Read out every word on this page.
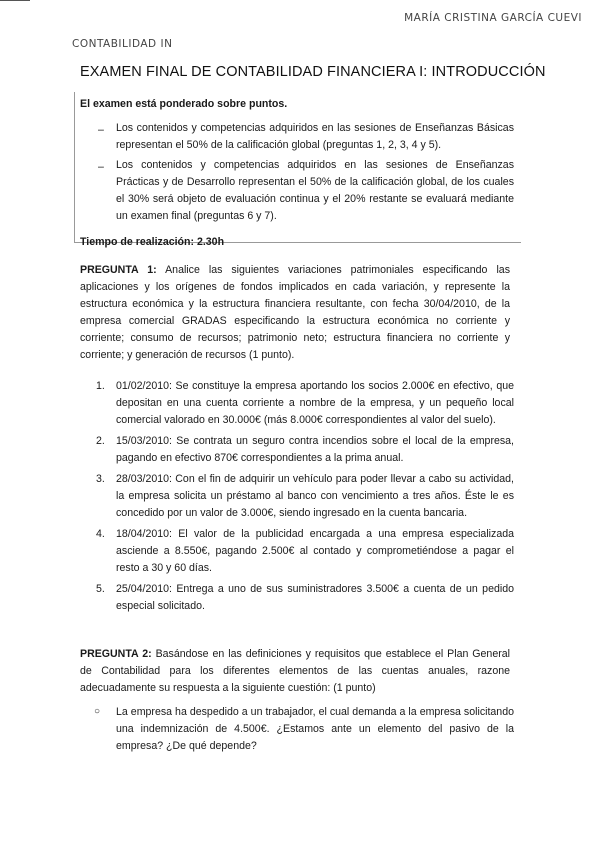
MARÍA CRISTINA GARCÍA CUEVI
CONTABILIDAD IN
EXAMEN FINAL DE CONTABILIDAD FINANCIERA I: INTRODUCCIÓN
El examen está ponderado sobre puntos.
– Los contenidos y competencias adquiridos en las sesiones de Enseñanzas Básicas representan el 50% de la calificación global (preguntas 1, 2, 3, 4 y 5).
– Los contenidos y competencias adquiridos en las sesiones de Enseñanzas Prácticas y de Desarrollo representan el 50% de la calificación global, de los cuales el 30% será objeto de evaluación continua y el 20% restante se evaluará mediante un examen final (preguntas 6 y 7).
Tiempo de realización: 2.30h
PREGUNTA 1: Analice las siguientes variaciones patrimoniales especificando las aplicaciones y los orígenes de fondos implicados en cada variación, y represente la estructura económica y la estructura financiera resultante, con fecha 30/04/2010, de la empresa comercial GRADAS especificando la estructura económica no corriente y corriente; consumo de recursos; patrimonio neto; estructura financiera no corriente y corriente; y generación de recursos (1 punto).
1.	01/02/2010: Se constituye la empresa aportando los socios 2.000€ en efectivo, que depositan en una cuenta corriente a nombre de la empresa, y un pequeño local comercial valorado en 30.000€ (más 8.000€ correspondientes al valor del suelo).
2.	15/03/2010: Se contrata un seguro contra incendios sobre el local de la empresa, pagando en efectivo 870€ correspondientes a la prima anual.
3.	28/03/2010: Con el fin de adquirir un vehículo para poder llevar a cabo su actividad, la empresa solicita un préstamo al banco con vencimiento a tres años. Éste le es concedido por un valor de 3.000€, siendo ingresado en la cuenta bancaria.
4.	18/04/2010: El valor de la publicidad encargada a una empresa especializada asciende a 8.550€, pagando 2.500€ al contado y comprometiéndose a pagar el resto a 30 y 60 días.
5.	25/04/2010: Entrega a uno de sus suministradores 3.500€ a cuenta de un pedido especial solicitado.
PREGUNTA 2: Basándose en las definiciones y requisitos que establece el Plan General de Contabilidad para los diferentes elementos de las cuentas anuales, razone adecuadamente su respuesta a la siguiente cuestión: (1 punto)
○ La empresa ha despedido a un trabajador, el cual demanda a la empresa solicitando una indemnización de 4.500€. ¿Estamos ante un elemento del pasivo de la empresa? ¿De qué depende?
